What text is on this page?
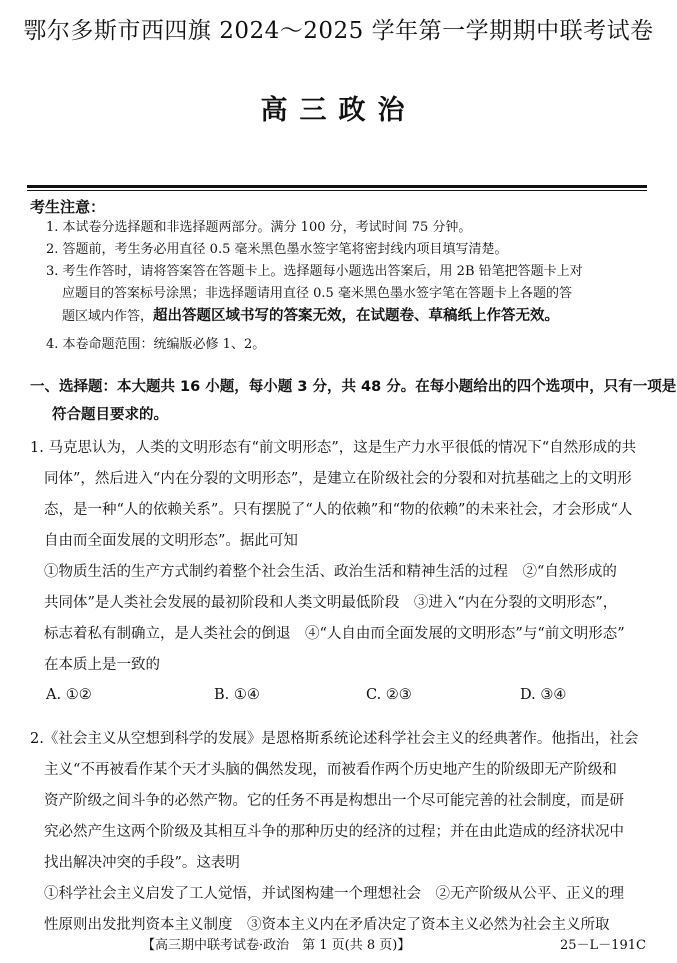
鄂尔多斯市西四旗 2024～2025 学年第一学期期中联考试卷
高三政治
考生注意：
1. 本试卷分选择题和非选择题两部分。满分 100 分，考试时间 75 分钟。
2. 答题前，考生务必用直径 0.5 毫米黑色墨水签字笔将密封线内项目填写清楚。
3. 考生作答时，请将答案答在答题卡上。选择题每小题选出答案后，用 2B 铅笔把答题卡上对
应题目的答案标号涂黑；非选择题请用直径 0.5 毫米黑色墨水签字笔在答题卡上各题的答
题区域内作答，超出答题区域书写的答案无效，在试题卷、草稿纸上作答无效。
4. 本卷命题范围：统编版必修 1、2。
一、选择题：本大题共 16 小题，每小题 3 分，共 48 分。在每小题给出的四个选项中，只有一项是
符合题目要求的。
1. 马克思认为，人类的文明形态有“前文明形态”，这是生产力水平很低的情况下“自然形成的共
同体”，然后进入“内在分裂的文明形态”，是建立在阶级社会的分裂和对抗基础之上的文明形
态，是一种“人的依赖关系”。只有摆脱了“人的依赖”和“物的依赖”的未来社会，才会形成“人
自由而全面发展的文明形态”。据此可知
①物质生活的生产方式制约着整个社会生活、政治生活和精神生活的过程　②“自然形成的
共同体”是人类社会发展的最初阶段和人类文明最低阶段　③进入“内在分裂的文明形态”，
标志着私有制确立，是人类社会的倒退　④“人自由而全面发展的文明形态”与“前文明形态”
在本质上是一致的
A. ①②	B. ①④	C. ②③	D. ③④
2.《社会主义从空想到科学的发展》是恩格斯系统论述科学社会主义的经典著作。他指出，社会
主义“不再被看作某个天才头脑的偶然发现，而被看作两个历史地产生的阶级即无产阶级和
资产阶级之间斗争的必然产物。它的任务不再是构想出一个尽可能完善的社会制度，而是研
究必然产生这两个阶级及其相互斗争的那种历史的经济的过程；并在由此造成的经济状况中
找出解决冲突的手段”。这表明
①科学社会主义启发了工人觉悟，并试图构建一个理想社会　②无产阶级从公平、正义的理
性原则出发批判资本主义制度　③资本主义内在矛盾决定了资本主义必然为社会主义所取
【高三期中联考试卷·政治　第 1 页(共 8 页)】	25－L－191C
